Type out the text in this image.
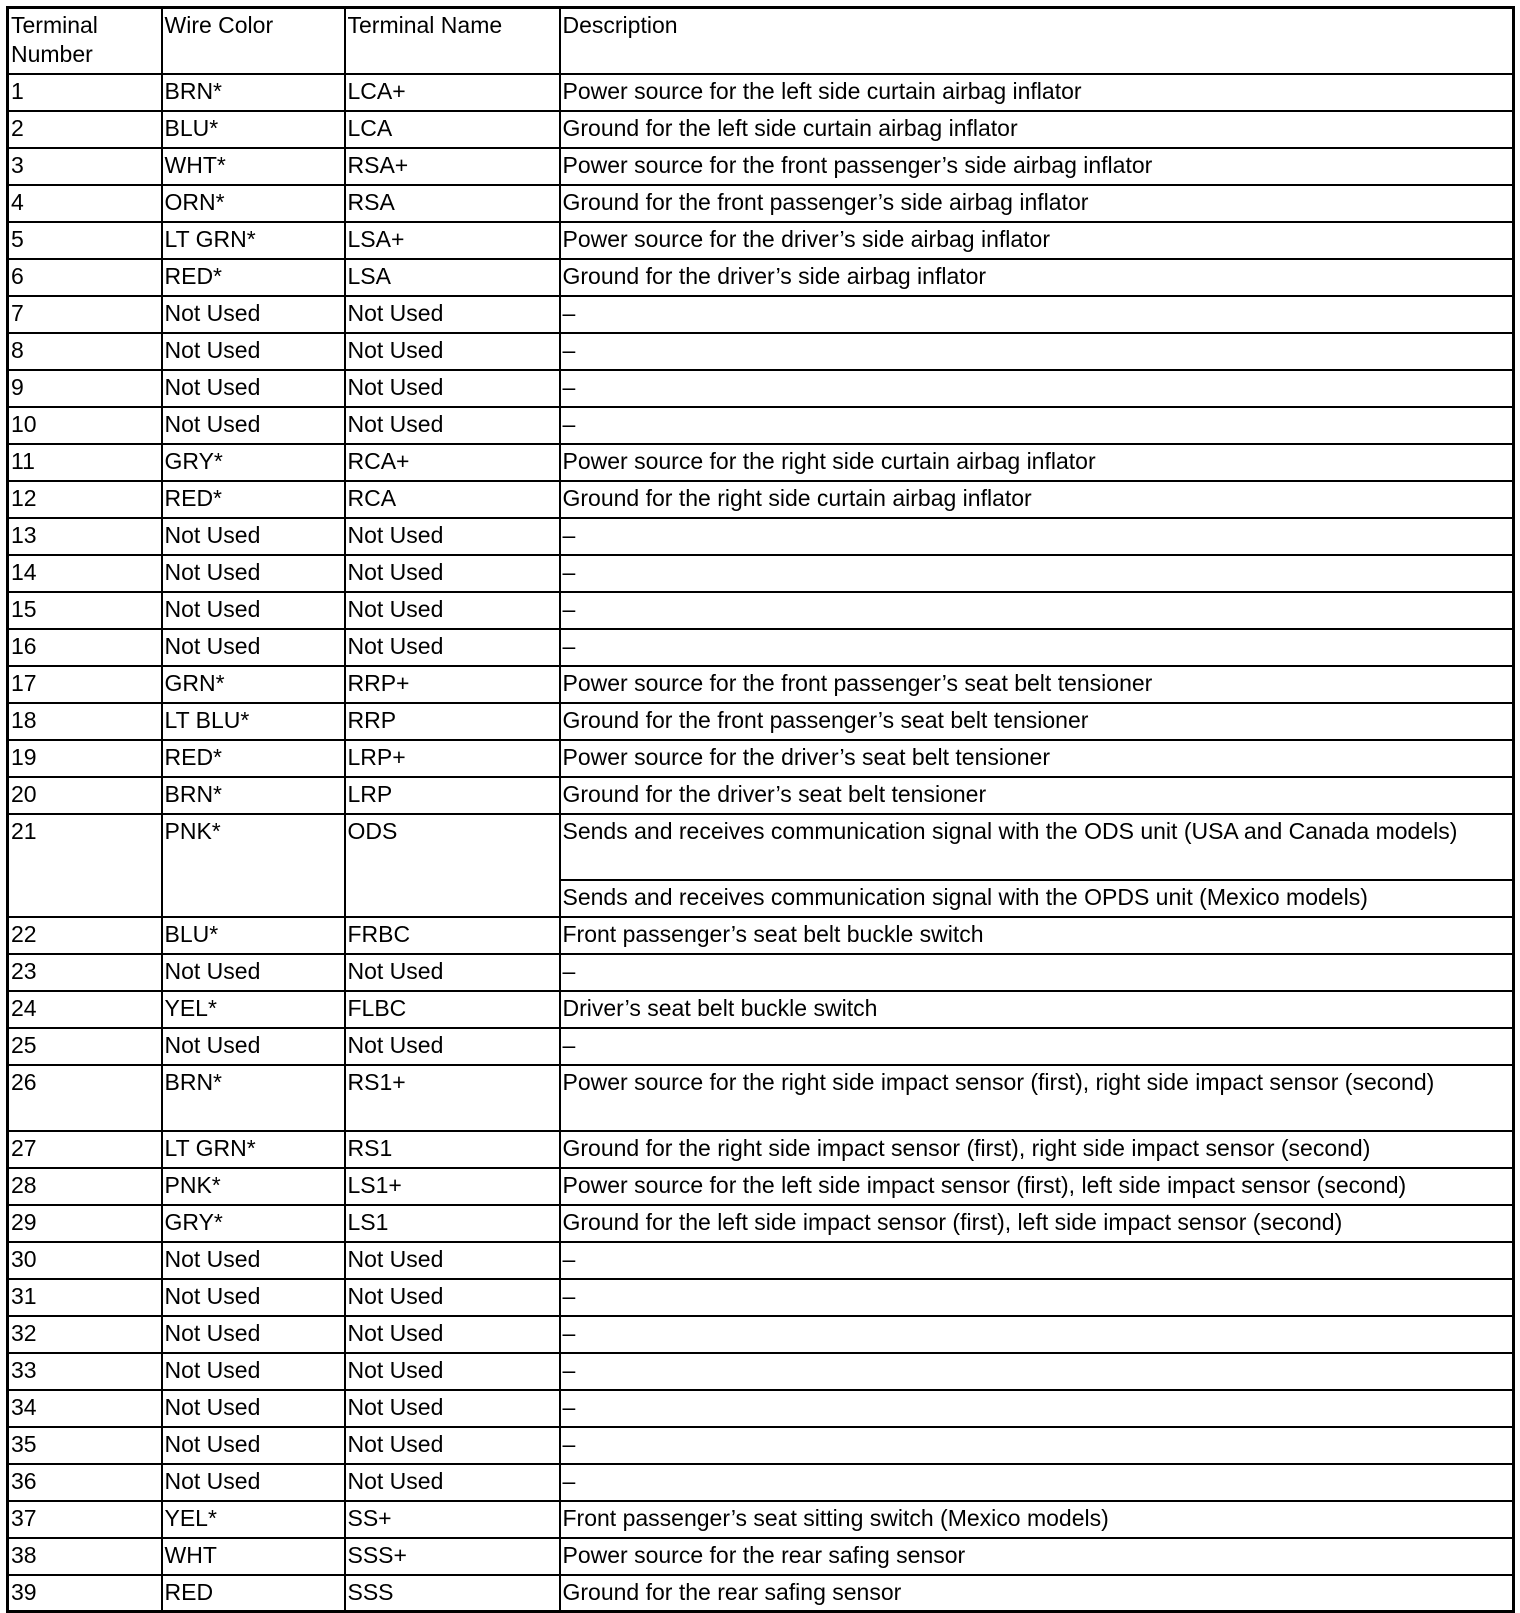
Terminal Number	Wire Color	Terminal Name	Description
1	BRN*	LCA+	Power source for the left side curtain airbag inflator
2	BLU*	LCA	Ground for the left side curtain airbag inflator
3	WHT*	RSA+	Power source for the front passenger’s side airbag inflator
4	ORN*	RSA	Ground for the front passenger’s side airbag inflator
5	LT GRN*	LSA+	Power source for the driver’s side airbag inflator
6	RED*	LSA	Ground for the driver’s side airbag inflator
7	Not Used	Not Used	–
8	Not Used	Not Used	–
9	Not Used	Not Used	–
10	Not Used	Not Used	–
11	GRY*	RCA+	Power source for the right side curtain airbag inflator
12	RED*	RCA	Ground for the right side curtain airbag inflator
13	Not Used	Not Used	–
14	Not Used	Not Used	–
15	Not Used	Not Used	–
16	Not Used	Not Used	–
17	GRN*	RRP+	Power source for the front passenger’s seat belt tensioner
18	LT BLU*	RRP	Ground for the front passenger’s seat belt tensioner
19	RED*	LRP+	Power source for the driver’s seat belt tensioner
20	BRN*	LRP	Ground for the driver’s seat belt tensioner
21	PNK*	ODS	Sends and receives communication signal with the ODS unit (USA and Canada models)
			Sends and receives communication signal with the OPDS unit (Mexico models)
22	BLU*	FRBC	Front passenger’s seat belt buckle switch
23	Not Used	Not Used	–
24	YEL*	FLBC	Driver’s seat belt buckle switch
25	Not Used	Not Used	–
26	BRN*	RS1+	Power source for the right side impact sensor (first), right side impact sensor (second)
27	LT GRN*	RS1	Ground for the right side impact sensor (first), right side impact sensor (second)
28	PNK*	LS1+	Power source for the left side impact sensor (first), left side impact sensor (second)
29	GRY*	LS1	Ground for the left side impact sensor (first), left side impact sensor (second)
30	Not Used	Not Used	–
31	Not Used	Not Used	–
32	Not Used	Not Used	–
33	Not Used	Not Used	–
34	Not Used	Not Used	–
35	Not Used	Not Used	–
36	Not Used	Not Used	–
37	YEL*	SS+	Front passenger’s seat sitting switch (Mexico models)
38	WHT	SSS+	Power source for the rear safing sensor
39	RED	SSS	Ground for the rear safing sensor
